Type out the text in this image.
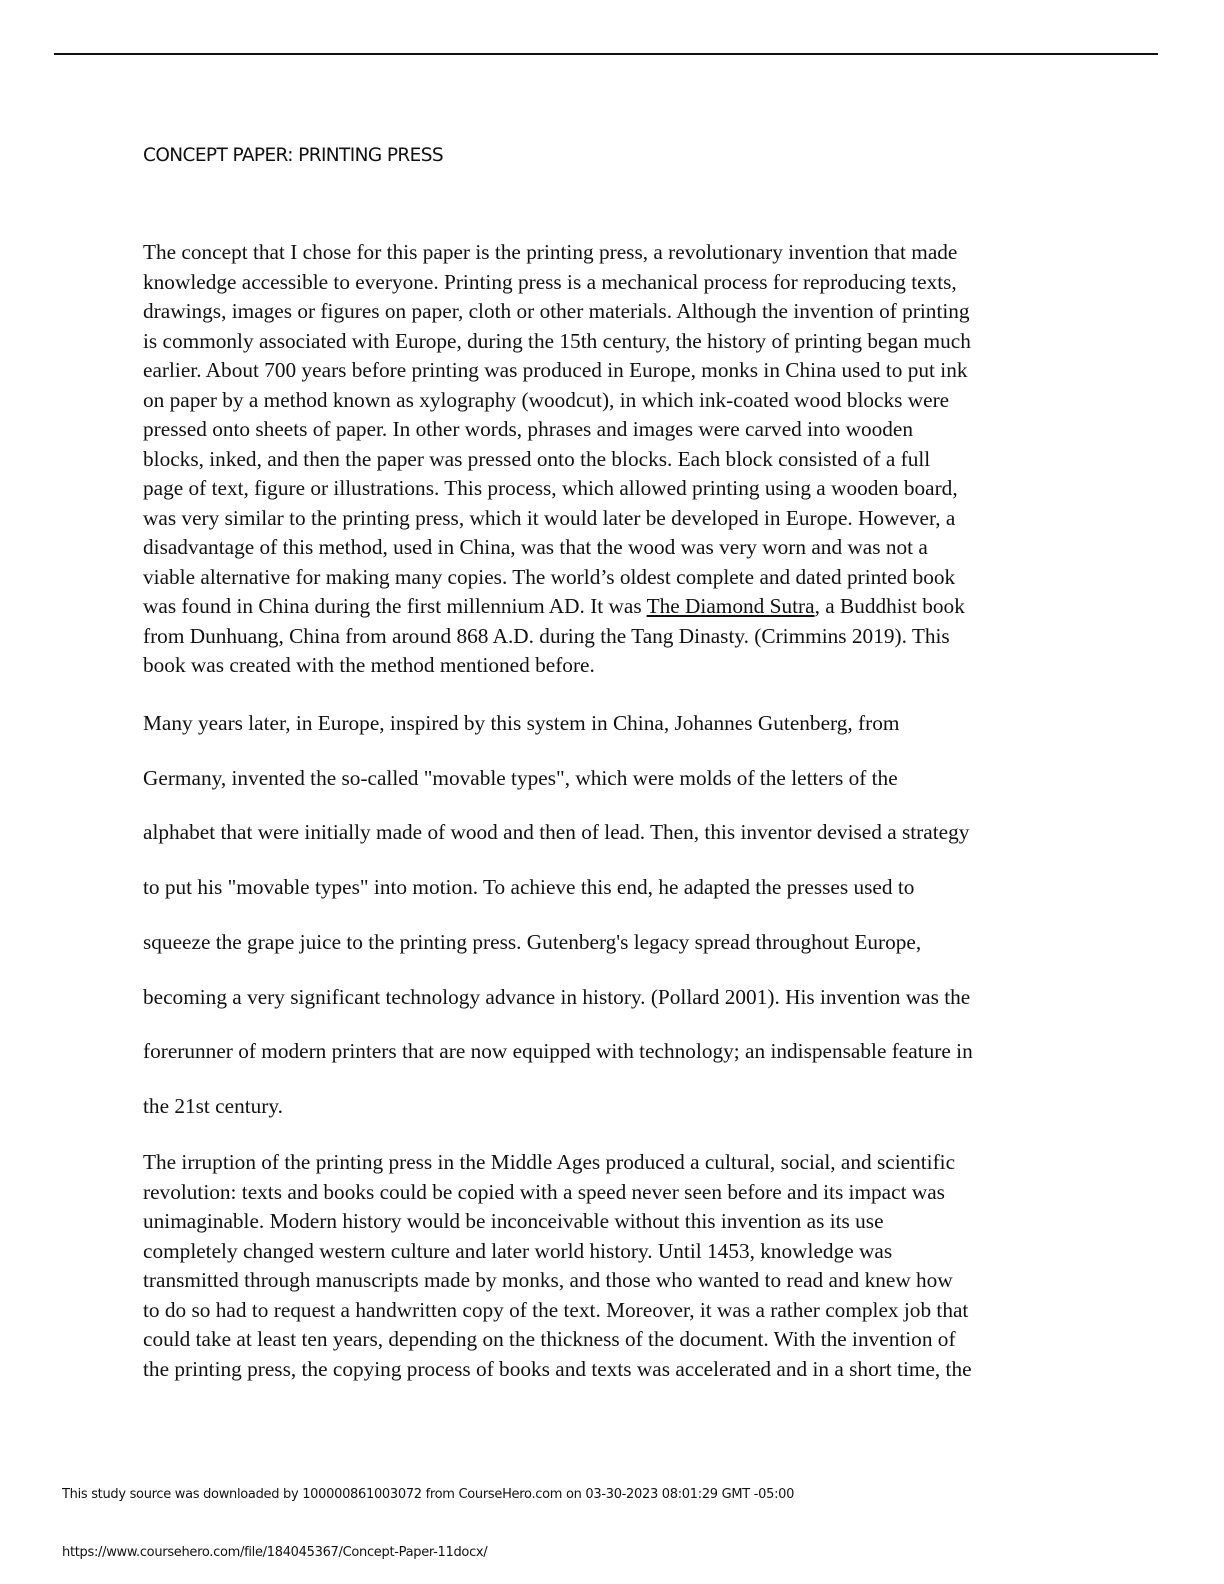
CONCEPT PAPER: PRINTING PRESS
The concept that I chose for this paper is the printing press, a revolutionary invention that made
knowledge accessible to everyone. Printing press is a mechanical process for reproducing texts,
drawings, images or figures on paper, cloth or other materials. Although the invention of printing
is commonly associated with Europe, during the 15th century, the history of printing began much
earlier. About 700 years before printing was produced in Europe, monks in China used to put ink
on paper by a method known as xylography (woodcut), in which ink-coated wood blocks were
pressed onto sheets of paper. In other words, phrases and images were carved into wooden
blocks, inked, and then the paper was pressed onto the blocks. Each block consisted of a full
page of text, figure or illustrations. This process, which allowed printing using a wooden board,
was very similar to the printing press, which it would later be developed in Europe. However, a
disadvantage of this method, used in China, was that the wood was very worn and was not a
viable alternative for making many copies. The world’s oldest complete and dated printed book
was found in China during the first millennium AD. It was The Diamond Sutra, a Buddhist book
from Dunhuang, China from around 868 A.D. during the Tang Dinasty. (Crimmins 2019). This
book was created with the method mentioned before.
Many years later, in Europe, inspired by this system in China, Johannes Gutenberg, from
Germany, invented the so-called "movable types", which were molds of the letters of the
alphabet that were initially made of wood and then of lead. Then, this inventor devised a strategy
to put his "movable types" into motion. To achieve this end, he adapted the presses used to
squeeze the grape juice to the printing press. Gutenberg's legacy spread throughout Europe,
becoming a very significant technology advance in history. (Pollard 2001). His invention was the
forerunner of modern printers that are now equipped with technology; an indispensable feature in
the 21st century.
The irruption of the printing press in the Middle Ages produced a cultural, social, and scientific
revolution: texts and books could be copied with a speed never seen before and its impact was
unimaginable. Modern history would be inconceivable without this invention as its use
completely changed western culture and later world history. Until 1453, knowledge was
transmitted through manuscripts made by monks, and those who wanted to read and knew how
to do so had to request a handwritten copy of the text. Moreover, it was a rather complex job that
could take at least ten years, depending on the thickness of the document. With the invention of
the printing press, the copying process of books and texts was accelerated and in a short time, the
This study source was downloaded by 100000861003072 from CourseHero.com on 03-30-2023 08:01:29 GMT -05:00
https://www.coursehero.com/file/184045367/Concept-Paper-11docx/
